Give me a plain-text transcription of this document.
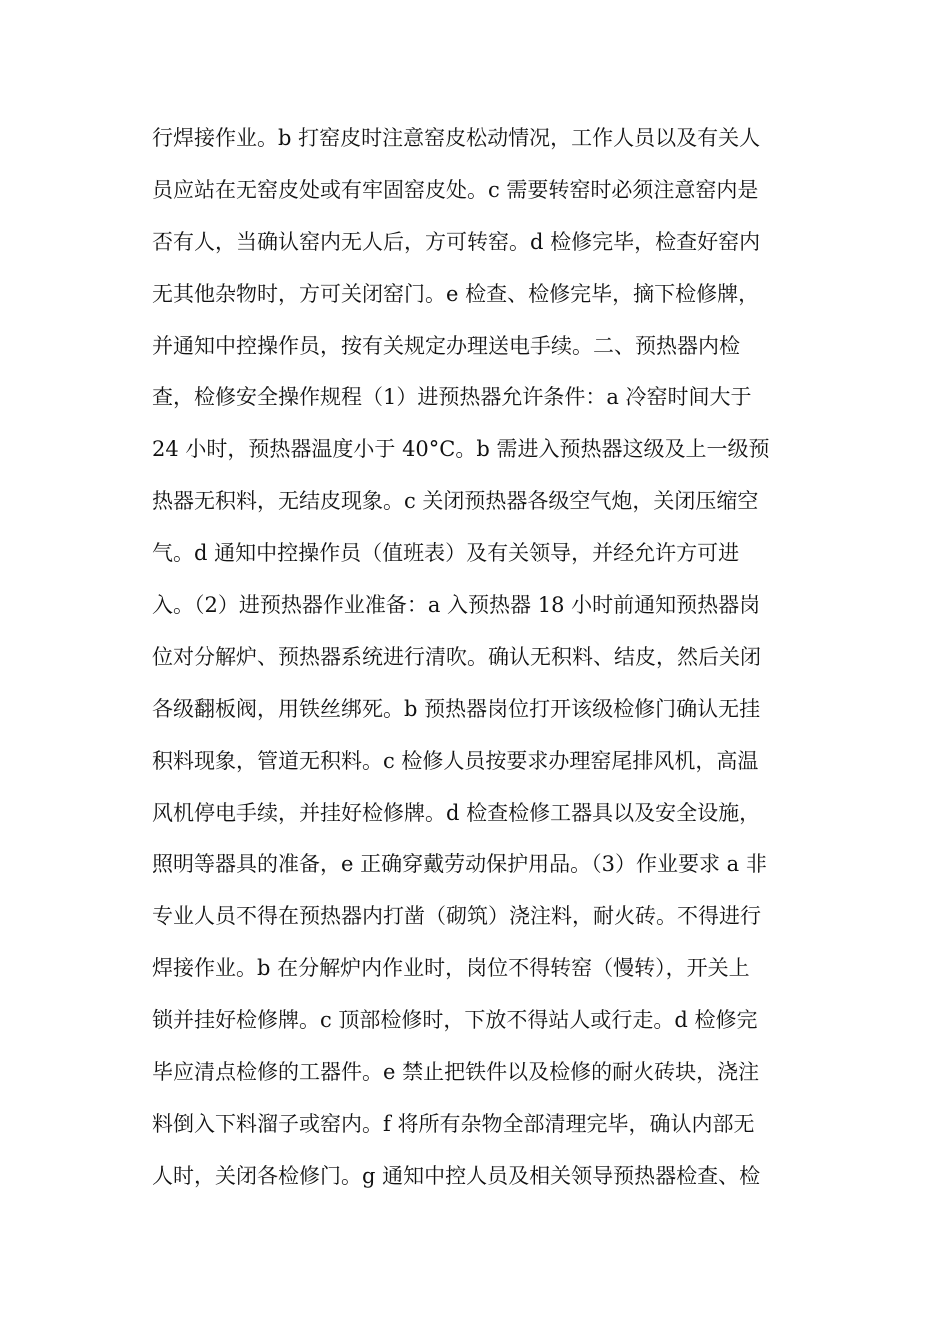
行焊接作业。b 打窑皮时注意窑皮松动情况，工作人员以及有关人
员应站在无窑皮处或有牢固窑皮处。c 需要转窑时必须注意窑内是
否有人，当确认窑内无人后，方可转窑。d 检修完毕，检查好窑内
无其他杂物时，方可关闭窑门。e 检查、检修完毕，摘下检修牌，
并通知中控操作员，按有关规定办理送电手续。二、预热器内检
查，检修安全操作规程（1）进预热器允许条件：a 冷窑时间大于
24 小时，预热器温度小于 40°C。b 需进入预热器这级及上一级预
热器无积料，无结皮现象。c 关闭预热器各级空气炮，关闭压缩空
气。d 通知中控操作员（值班表）及有关领导，并经允许方可进
入。（2）进预热器作业准备：a 入预热器 18 小时前通知预热器岗
位对分解炉、预热器系统进行清吹。确认无积料、结皮，然后关闭
各级翻板阀，用铁丝绑死。b 预热器岗位打开该级检修门确认无挂
积料现象，管道无积料。c 检修人员按要求办理窑尾排风机，高温
风机停电手续，并挂好检修牌。d 检查检修工器具以及安全设施，
照明等器具的准备，e 正确穿戴劳动保护用品。（3）作业要求 a 非
专业人员不得在预热器内打凿（砌筑）浇注料，耐火砖。不得进行
焊接作业。b 在分解炉内作业时，岗位不得转窑（慢转），开关上
锁并挂好检修牌。c 顶部检修时，下放不得站人或行走。d 检修完
毕应清点检修的工器件。e 禁止把铁件以及检修的耐火砖块，浇注
料倒入下料溜子或窑内。f 将所有杂物全部清理完毕，确认内部无
人时，关闭各检修门。g 通知中控人员及相关领导预热器检查、检
